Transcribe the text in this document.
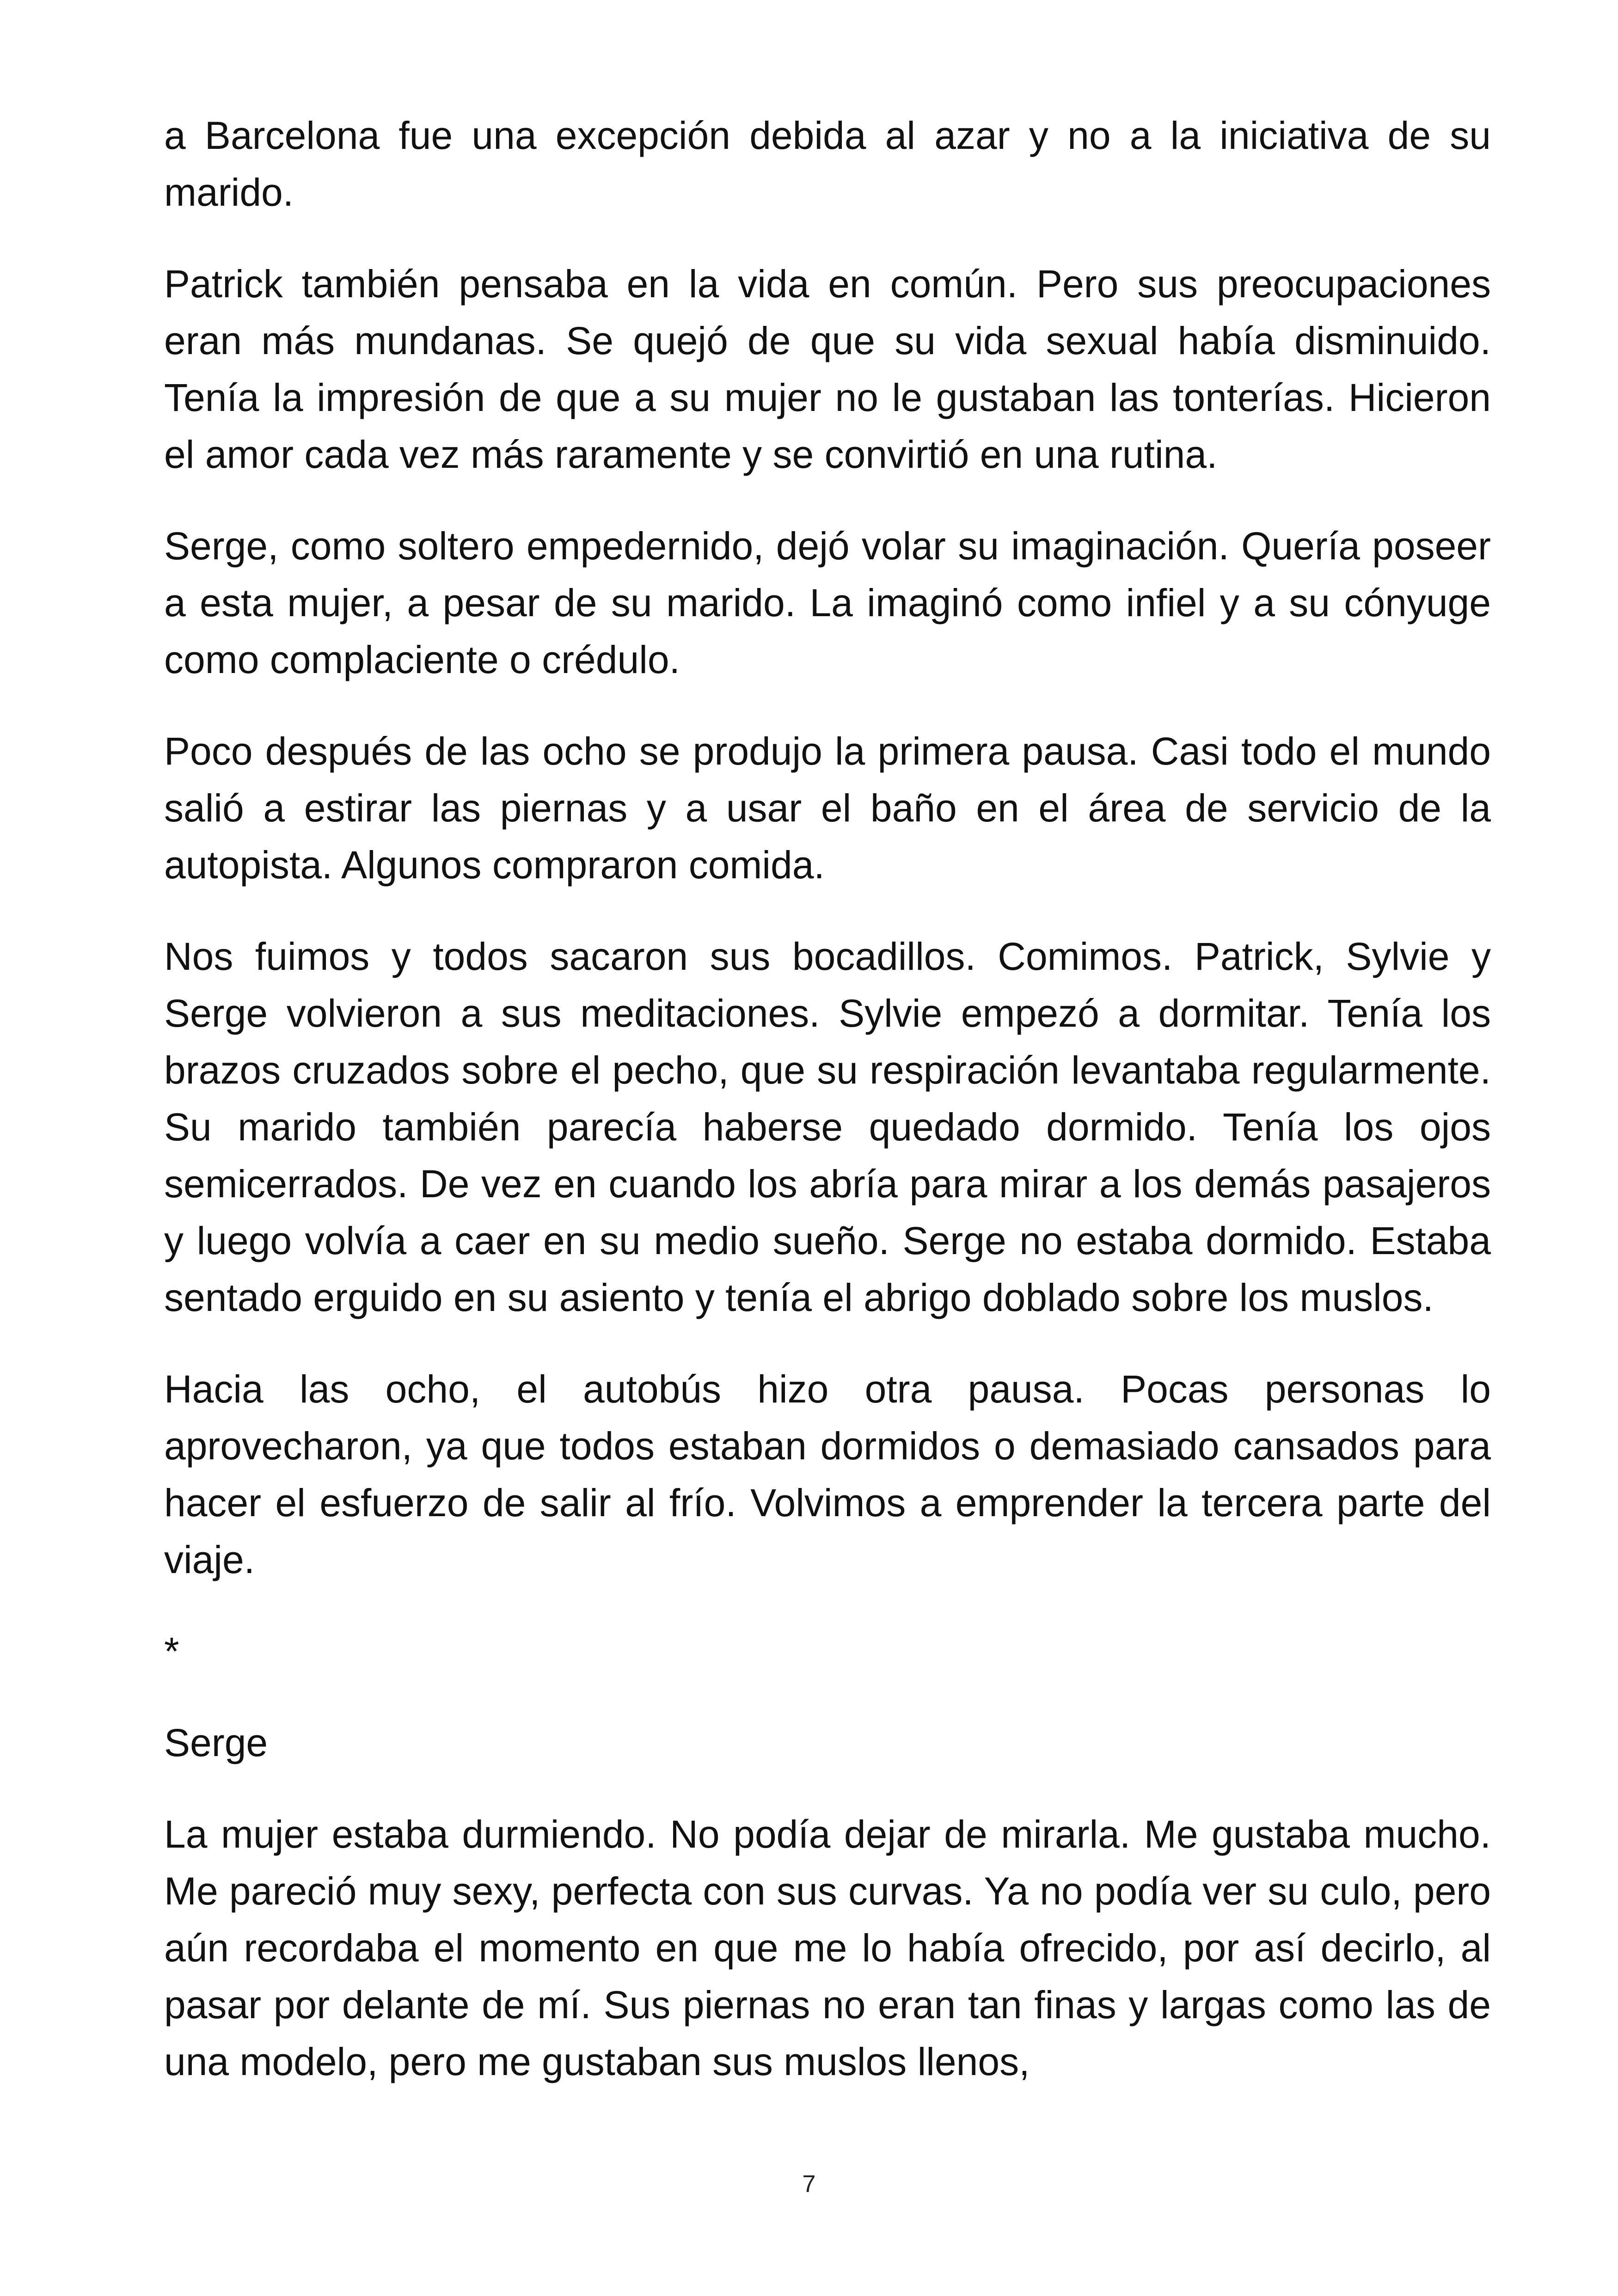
a Barcelona fue una excepción debida al azar y no a la iniciativa de su marido.

Patrick también pensaba en la vida en común. Pero sus preocupaciones eran más mundanas. Se quejó de que su vida sexual había disminuido. Tenía la impresión de que a su mujer no le gustaban las tonterías. Hicieron el amor cada vez más raramente y se convirtió en una rutina.

Serge, como soltero empedernido, dejó volar su imaginación. Quería poseer a esta mujer, a pesar de su marido. La imaginó como infiel y a su cónyuge como complaciente o crédulo.

Poco después de las ocho se produjo la primera pausa. Casi todo el mundo salió a estirar las piernas y a usar el baño en el área de servicio de la autopista. Algunos compraron comida.

Nos fuimos y todos sacaron sus bocadillos. Comimos. Patrick, Sylvie y Serge volvieron a sus meditaciones. Sylvie empezó a dormitar. Tenía los brazos cruzados sobre el pecho, que su respiración levantaba regularmente. Su marido también parecía haberse quedado dormido. Tenía los ojos semicerrados. De vez en cuando los abría para mirar a los demás pasajeros y luego volvía a caer en su medio sueño. Serge no estaba dormido. Estaba sentado erguido en su asiento y tenía el abrigo doblado sobre los muslos.

Hacia las ocho, el autobús hizo otra pausa. Pocas personas lo aprovecharon, ya que todos estaban dormidos o demasiado cansados para hacer el esfuerzo de salir al frío. Volvimos a emprender la tercera parte del viaje.

*

Serge

La mujer estaba durmiendo. No podía dejar de mirarla. Me gustaba mucho. Me pareció muy sexy, perfecta con sus curvas. Ya no podía ver su culo, pero aún recordaba el momento en que me lo había ofrecido, por así decirlo, al pasar por delante de mí. Sus piernas no eran tan finas y largas como las de una modelo, pero me gustaban sus muslos llenos,

7
